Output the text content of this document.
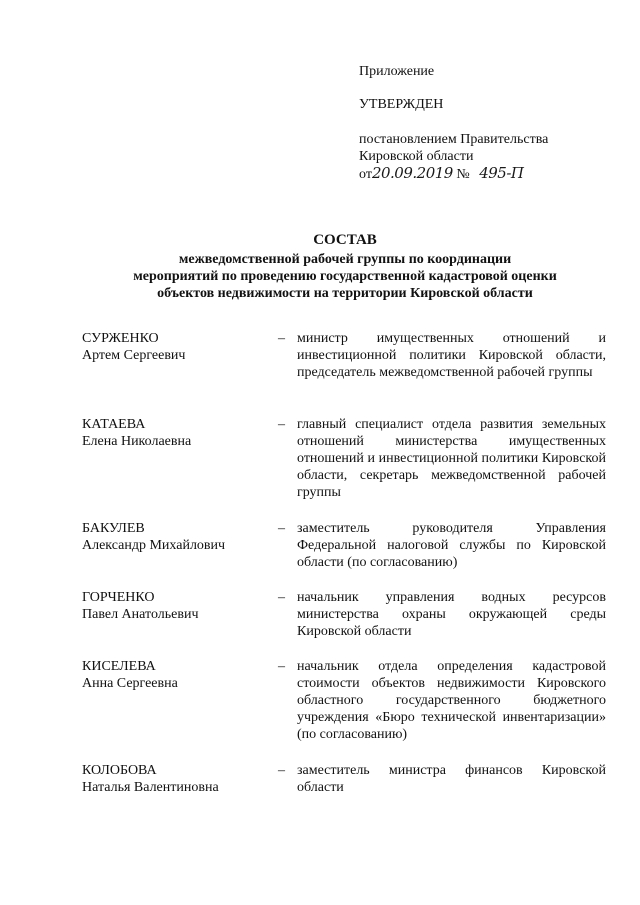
Приложение
УТВЕРЖДЕН
постановлением Правительства
Кировской области
от20.09.2019 № 495-П
СОСТАВ
межведомственной рабочей группы по координации
мероприятий по проведению государственной кадастровой оценки
объектов недвижимости на территории Кировской области
СУРЖЕНКО
Артем Сергеевич
– министр имущественных отношений и инвестиционной политики Кировской области, председатель межведомственной рабочей группы
КАТАЕВА
Елена Николаевна
– главный специалист отдела развития земельных отношений министерства имущественных отношений и инвестиционной политики Кировской области, секретарь межведомственной рабочей группы
БАКУЛЕВ
Александр Михайлович
– заместитель руководителя Управления Федеральной налоговой службы по Кировской области (по согласованию)
ГОРЧЕНКО
Павел Анатольевич
– начальник управления водных ресурсов министерства охраны окружающей среды Кировской области
КИСЕЛЕВА
Анна Сергеевна
– начальник отдела определения кадастровой стоимости объектов недвижимости Кировского областного государственного бюджетного учреждения «Бюро технической инвентаризации» (по согласованию)
КОЛОБОВА
Наталья Валентиновна
– заместитель министра финансов Кировской области
